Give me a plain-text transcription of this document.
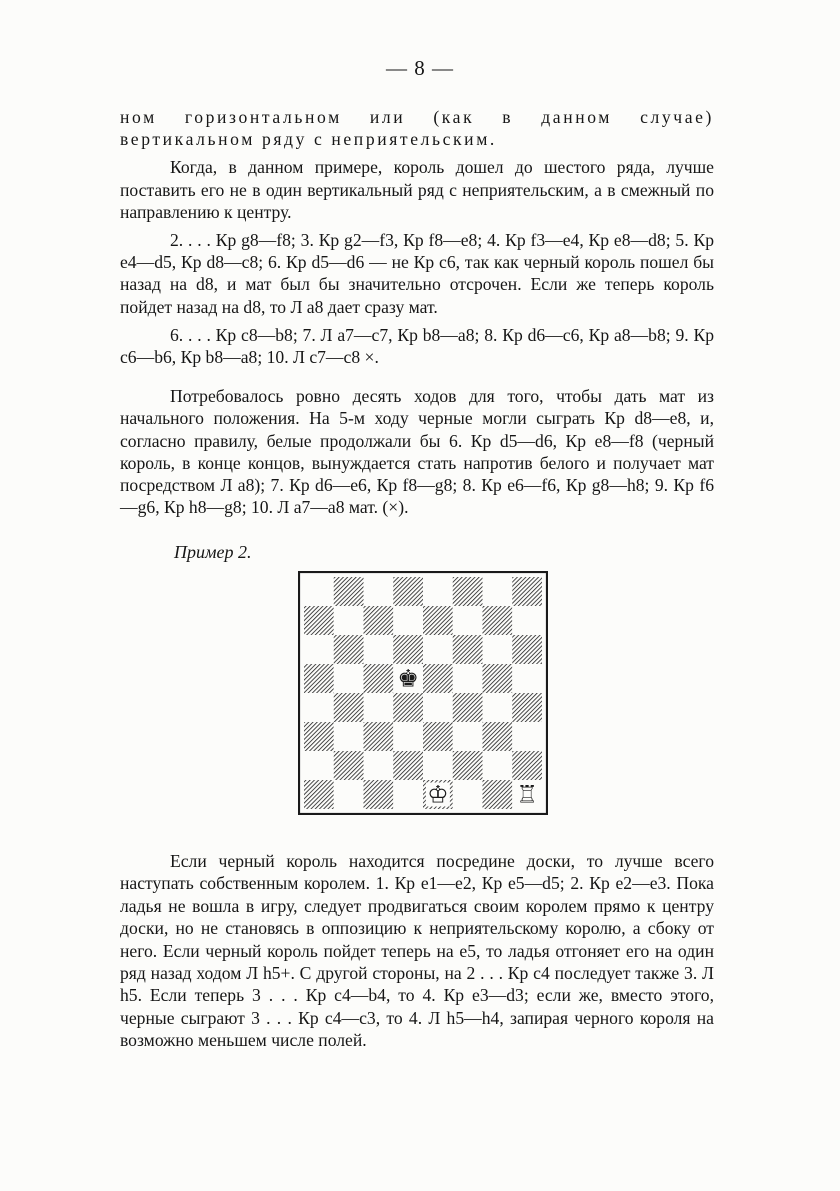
— 8 —

ном горизонтальном или (как в данном случае) вертикальном ряду с неприятельским.

Когда, в данном примере, король дошел до шестого ряда, лучше поставить его не в один вертикальный ряд с неприятельским, а в смежный по направлению к центру.

2. . . . Кр g8—f8; 3. Кр g2—f3, Кр f8—e8; 4. Кр f3—e4, Кр e8—d8; 5. Кр e4—d5, Кр d8—c8; 6. Кр d5—d6 — не Кр c6, так как черный король пошел бы назад на d8, и мат был бы значительно отсрочен. Если же теперь король пойдет назад на d8, то Л a8 дает сразу мат.

6. . . . Кр c8—b8; 7. Л a7—c7, Кр b8—a8; 8. Кр d6—c6, Кр a8—b8; 9. Кр c6—b6, Кр b8—a8; 10. Л c7—c8 ×.

Потребовалось ровно десять ходов для того, чтобы дать мат из начального положения. На 5-м ходу черные могли сыграть Кр d8—e8, и, согласно правилу, белые продолжали бы 6. Кр d5—d6, Кр e8—f8 (черный король, в конце концов, вынуждается стать напротив белого и получает мат посредством Л a8); 7. Кр d6—e6, Кр f8—g8; 8. Кр e6—f6, Кр g8—h8; 9. Кр f6—g6, Кр h8—g8; 10. Л a7—a8 мат. (×).

Пример 2.
♚
♔	♖

Если черный король находится посредине доски, то лучше всего наступать собственным королем. 1. Кр e1—e2, Кр e5—d5; 2. Кр e2—e3. Пока ладья не вошла в игру, следует продвигаться своим королем прямо к центру доски, но не становясь в оппозицию к неприятельскому королю, а сбоку от него. Если черный король пойдет теперь на e5, то ладья отгоняет его на один ряд назад ходом Л h5+. С другой стороны, на 2 . . . Кр c4 последует также 3. Л h5. Если теперь 3 . . . Кр c4—b4, то 4. Кр e3—d3; если же, вместо этого, черные сыграют 3 . . . Кр c4—c3, то 4. Л h5—h4, запирая черного короля на возможно меньшем числе полей.
